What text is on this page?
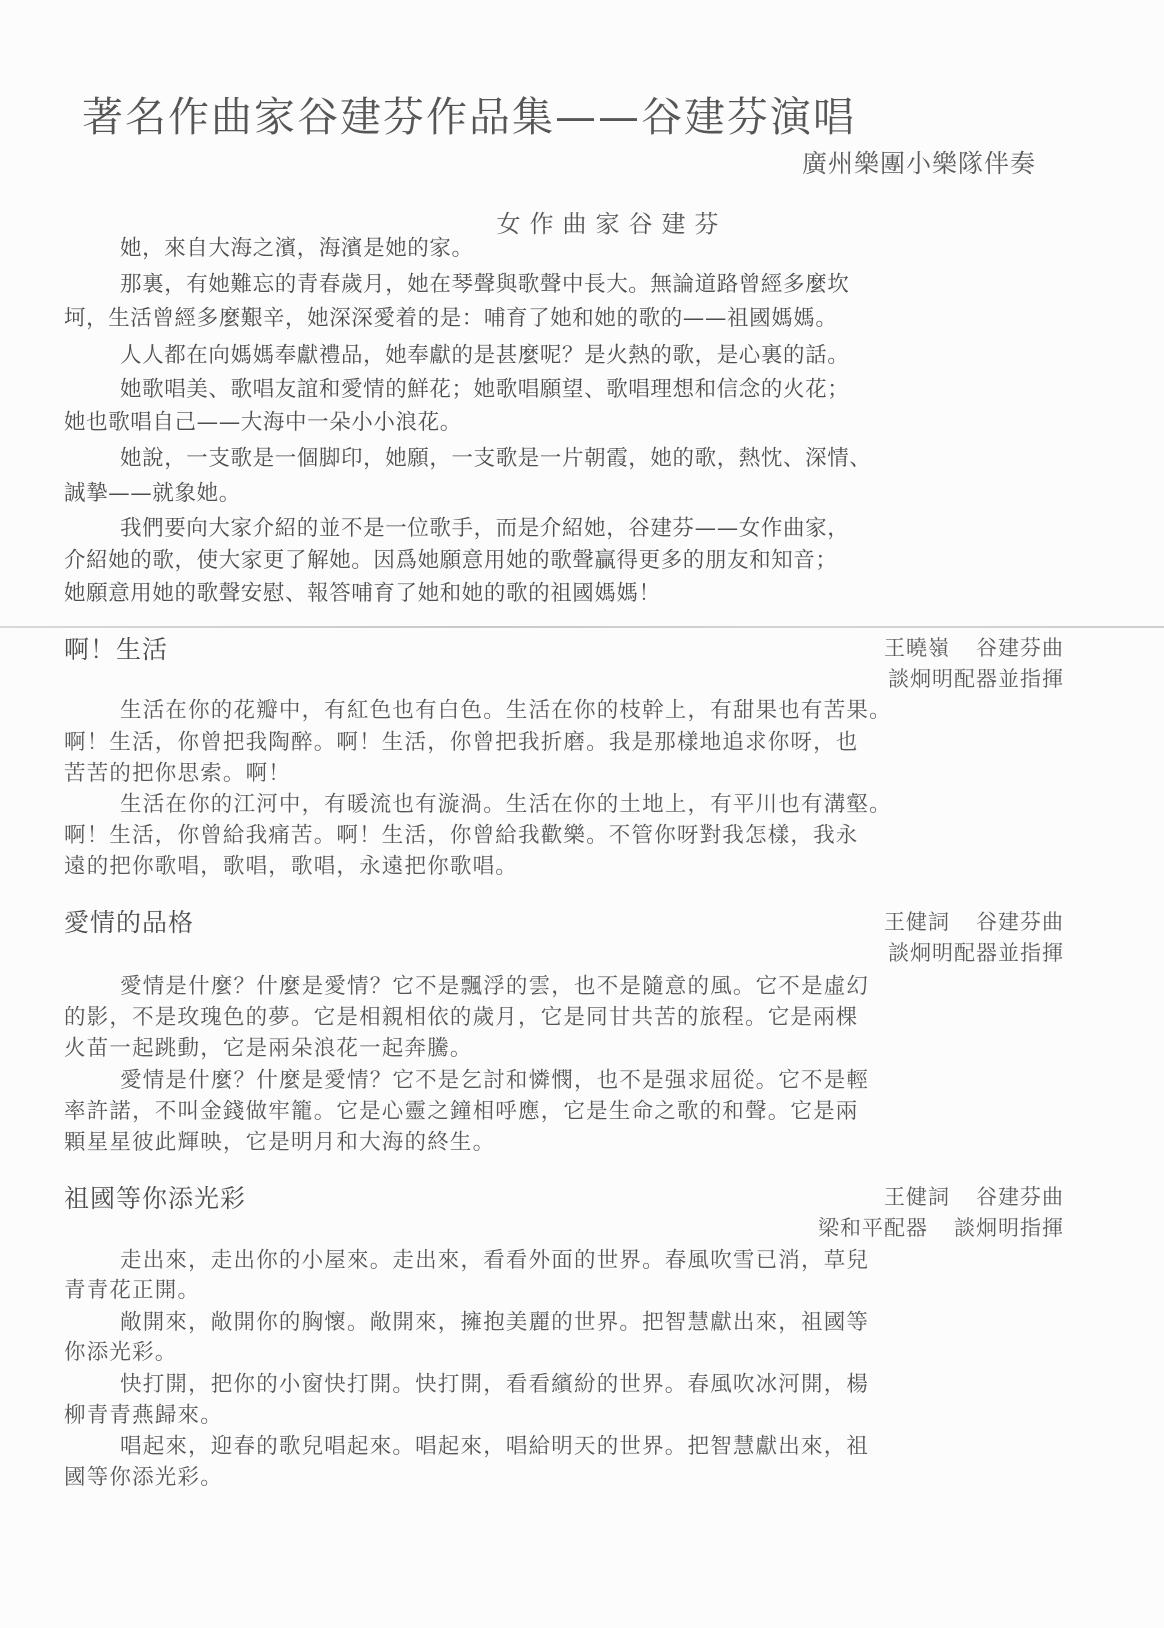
著名作曲家谷建芬作品集——谷建芬演唱
廣州樂團小樂隊伴奏
女作曲家谷建芬
她，來自大海之濱，海濱是她的家。
那裏，有她難忘的青春歲月，她在琴聲與歌聲中長大。無論道路曾經多麼坎
坷，生活曾經多麼艱辛，她深深愛着的是：哺育了她和她的歌的——祖國媽媽。
人人都在向媽媽奉獻禮品，她奉獻的是甚麼呢？是火熱的歌，是心裏的話。
她歌唱美、歌唱友誼和愛情的鮮花；她歌唱願望、歌唱理想和信念的火花；
她也歌唱自己——大海中一朵小小浪花。
她說，一支歌是一個脚印，她願，一支歌是一片朝霞，她的歌，熱忱、深情、
誠摯——就象她。
我們要向大家介紹的並不是一位歌手，而是介紹她，谷建芬——女作曲家，
介紹她的歌，使大家更了解她。因爲她願意用她的歌聲贏得更多的朋友和知音；
她願意用她的歌聲安慰、報答哺育了她和她的歌的祖國媽媽！
啊！生活	王曉嶺 谷建芬曲
談炯明配器並指揮
生活在你的花瓣中，有紅色也有白色。生活在你的枝幹上，有甜果也有苦果。
啊！生活，你曾把我陶醉。啊！生活，你曾把我折磨。我是那樣地追求你呀，也
苦苦的把你思索。啊！
生活在你的江河中，有暖流也有漩渦。生活在你的土地上，有平川也有溝壑。
啊！生活，你曾給我痛苦。啊！生活，你曾給我歡樂。不管你呀對我怎樣，我永
遠的把你歌唱，歌唱，歌唱，永遠把你歌唱。
愛情的品格	王健詞 谷建芬曲
談炯明配器並指揮
愛情是什麼？什麼是愛情？它不是飄浮的雲，也不是隨意的風。它不是虛幻
的影，不是玫瑰色的夢。它是相親相依的歲月，它是同甘共苦的旅程。它是兩棵
火苗一起跳動，它是兩朵浪花一起奔騰。
愛情是什麼？什麼是愛情？它不是乞討和憐憫，也不是强求屈從。它不是輕
率許諾，不叫金錢做牢籠。它是心靈之鐘相呼應，它是生命之歌的和聲。它是兩
顆星星彼此輝映，它是明月和大海的終生。
祖國等你添光彩	王健詞 谷建芬曲
梁和平配器 談炯明指揮
走出來，走出你的小屋來。走出來，看看外面的世界。春風吹雪已消，草兒
青青花正開。
敞開來，敞開你的胸懷。敞開來，擁抱美麗的世界。把智慧獻出來，祖國等
你添光彩。
快打開，把你的小窗快打開。快打開，看看繽紛的世界。春風吹冰河開，楊
柳青青燕歸來。
唱起來，迎春的歌兒唱起來。唱起來，唱給明天的世界。把智慧獻出來，祖
國等你添光彩。
